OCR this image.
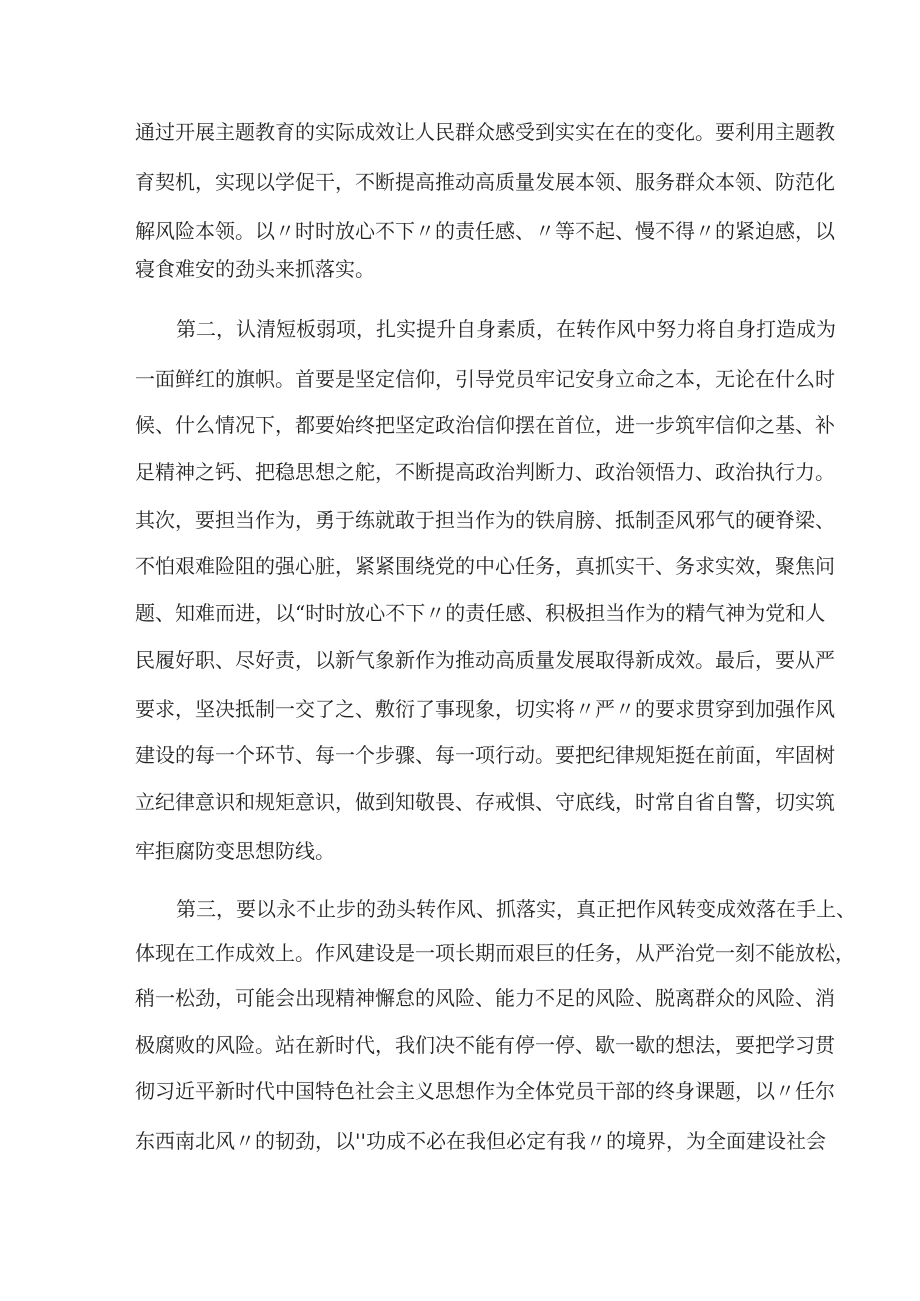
通过开展主题教育的实际成效让人民群众感受到实实在在的变化。要利用主题教
育契机，实现以学促干，不断提高推动高质量发展本领、服务群众本领、防范化
解风险本领。以〃时时放心不下〃的责任感、〃等不起、慢不得〃的紧迫感，以
寝食难安的劲头来抓落实。
第二，认清短板弱项，扎实提升自身素质，在转作风中努力将自身打造成为
一面鲜红的旗帜。首要是坚定信仰，引导党员牢记安身立命之本，无论在什么时
候、什么情况下，都要始终把坚定政治信仰摆在首位，进一步筑牢信仰之基、补
足精神之钙、把稳思想之舵，不断提高政治判断力、政治领悟力、政治执行力。
其次，要担当作为，勇于练就敢于担当作为的铁肩膀、抵制歪风邪气的硬脊梁、
不怕艰难险阻的强心脏，紧紧围绕党的中心任务，真抓实干、务求实效，聚焦问
题、知难而进，以“时时放心不下〃的责任感、积极担当作为的精气神为党和人
民履好职、尽好责，以新气象新作为推动高质量发展取得新成效。最后，要从严
要求，坚决抵制一交了之、敷衍了事现象，切实将〃严〃的要求贯穿到加强作风
建设的每一个环节、每一个步骤、每一项行动。要把纪律规矩挺在前面，牢固树
立纪律意识和规矩意识，做到知敬畏、存戒惧、守底线，时常自省自警，切实筑
牢拒腐防变思想防线。
第三，要以永不止步的劲头转作风、抓落实，真正把作风转变成效落在手上、
体现在工作成效上。作风建设是一项长期而艰巨的任务，从严治党一刻不能放松，
稍一松劲，可能会出现精神懈怠的风险、能力不足的风险、脱离群众的风险、消
极腐败的风险。站在新时代，我们决不能有停一停、歇一歇的想法，要把学习贯
彻习近平新时代中国特色社会主义思想作为全体党员干部的终身课题，以〃任尔
东西南北风〃的韧劲，以''功成不必在我但必定有我〃的境界，为全面建设社会
